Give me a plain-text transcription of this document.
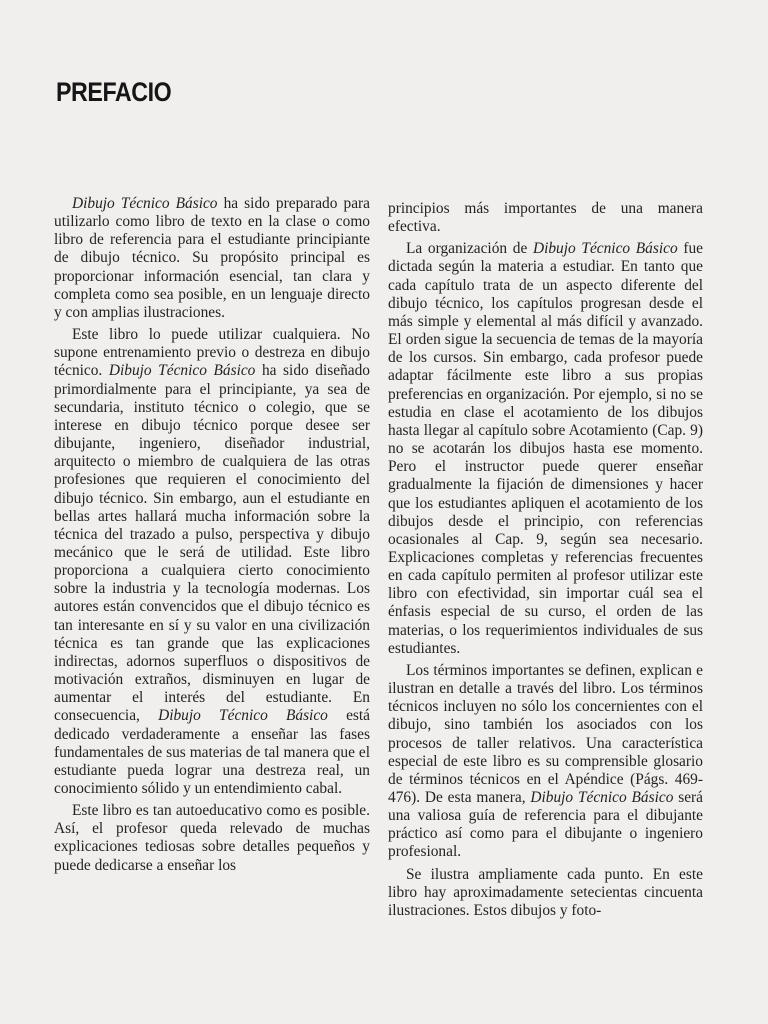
PREFACIO

Dibujo Técnico Básico ha sido preparado para utilizarlo como libro de texto en la clase o como libro de referencia para el estudiante principiante de dibujo técnico. Su propósito principal es proporcionar información esencial, tan clara y completa como sea posible, en un lenguaje directo y con amplias ilustraciones.

Este libro lo puede utilizar cualquiera. No supone entrenamiento previo o destreza en dibujo técnico. Dibujo Técnico Básico ha sido diseñado primordialmente para el principiante, ya sea de secundaria, instituto técnico o colegio, que se interese en dibujo técnico porque desee ser dibujante, ingeniero, diseñador industrial, arquitecto o miembro de cualquiera de las otras profesiones que requieren el conocimiento del dibujo técnico. Sin embargo, aun el estudiante en bellas artes hallará mucha información sobre la técnica del trazado a pulso, perspectiva y dibujo mecánico que le será de utilidad. Este libro proporciona a cualquiera cierto conocimiento sobre la industria y la tecnología modernas. Los autores están convencidos que el dibujo técnico es tan interesante en sí y su valor en una civilización técnica es tan grande que las explicaciones indirectas, adornos superfluos o dispositivos de motivación extraños, disminuyen en lugar de aumentar el interés del estudiante. En consecuencia, Dibujo Técnico Básico está dedicado verdaderamente a enseñar las fases fundamentales de sus materias de tal manera que el estudiante pueda lograr una destreza real, un conocimiento sólido y un entendimiento cabal.

Este libro es tan autoeducativo como es posible. Así, el profesor queda relevado de muchas explicaciones tediosas sobre detalles pequeños y puede dedicarse a enseñar los

principios más importantes de una manera efectiva.

La organización de Dibujo Técnico Básico fue dictada según la materia a estudiar. En tanto que cada capítulo trata de un aspecto diferente del dibujo técnico, los capítulos progresan desde el más simple y elemental al más difícil y avanzado. El orden sigue la secuencia de temas de la mayoría de los cursos. Sin embargo, cada profesor puede adaptar fácilmente este libro a sus propias preferencias en organización. Por ejemplo, si no se estudia en clase el acotamiento de los dibujos hasta llegar al capítulo sobre Acotamiento (Cap. 9) no se acotarán los dibujos hasta ese momento. Pero el instructor puede querer enseñar gradualmente la fijación de dimensiones y hacer que los estudiantes apliquen el acotamiento de los dibujos desde el principio, con referencias ocasionales al Cap. 9, según sea necesario. Explicaciones completas y referencias frecuentes en cada capítulo permiten al profesor utilizar este libro con efectividad, sin importar cuál sea el énfasis especial de su curso, el orden de las materias, o los requerimientos individuales de sus estudiantes.

Los términos importantes se definen, explican e ilustran en detalle a través del libro. Los términos técnicos incluyen no sólo los concernientes con el dibujo, sino también los asociados con los procesos de taller relativos. Una característica especial de este libro es su comprensible glosario de términos técnicos en el Apéndice (Págs. 469-476). De esta manera, Dibujo Técnico Básico será una valiosa guía de referencia para el dibujante práctico así como para el dibujante o ingeniero profesional.

Se ilustra ampliamente cada punto. En este libro hay aproximadamente setecientas cincuenta ilustraciones. Estos dibujos y foto-
